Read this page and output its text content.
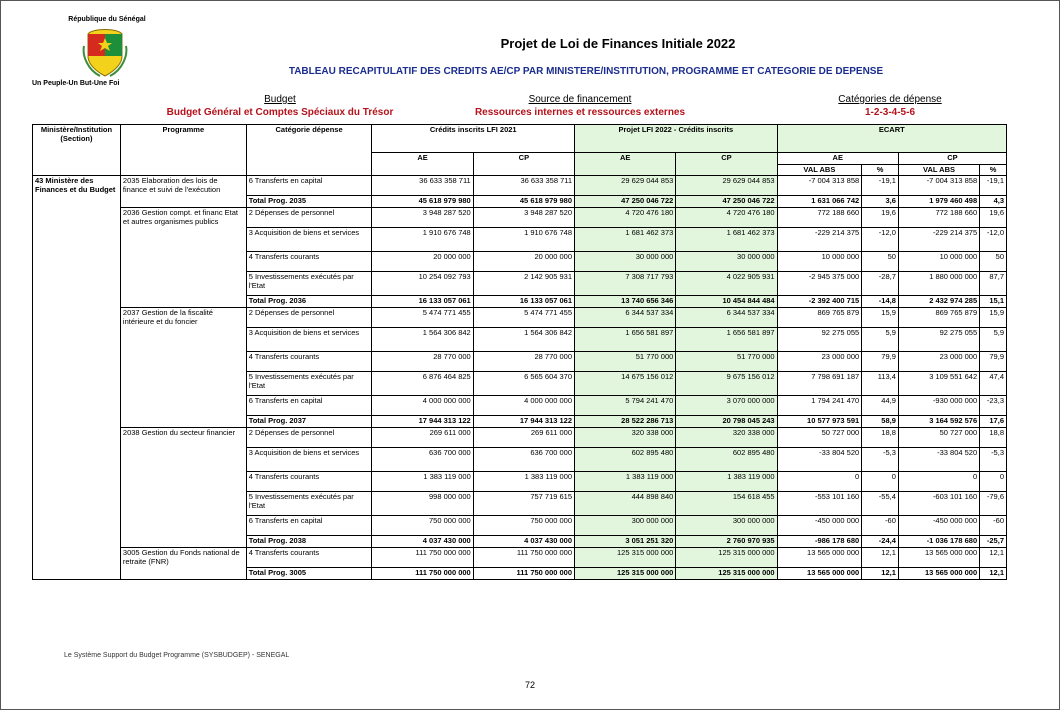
République du Sénégal
Un Peuple-Un But-Une Foi
Projet de Loi de Finances Initiale 2022
TABLEAU RECAPITULATIF DES CREDITS AE/CP PAR MINISTERE/INSTITUTION, PROGRAMME ET CATEGORIE DE DEPENSE
Budget
Budget Général et Comptes Spéciaux du Trésor
Source de financement
Ressources internes et ressources externes
Catégories de dépense
1-2-3-4-5-6
Ministère/Institution (Section)	Programme	Catégorie dépense	Crédits inscrits LFI 2021		Projet LFI 2022 - Crédits inscrits		ECART			
			AE	CP	AE	CP	AE		CP	
							VAL ABS	%	VAL ABS	%
43 Ministère des Finances et du Budget	2035 Elaboration des lois de finance et suivi de l'exécution	6 Transferts en capital	36 633 358 711	36 633 358 711	29 629 044 853	29 629 044 853	-7 004 313 858	-19,1	-7 004 313 858	-19,1
		Total Prog. 2035	45 618 979 980	45 618 979 980	47 250 046 722	47 250 046 722	1 631 066 742	3,6	1 979 460 498	4,3
	2036 Gestion compt. et financ Etat et autres organismes publics	2 Dépenses de personnel	3 948 287 520	3 948 287 520	4 720 476 180	4 720 476 180	772 188 660	19,6	772 188 660	19,6
		3 Acquisition de biens et services	1 910 676 748	1 910 676 748	1 681 462 373	1 681 462 373	-229 214 375	-12,0	-229 214 375	-12,0
		4 Transferts courants	20 000 000	20 000 000	30 000 000	30 000 000	10 000 000	50	10 000 000	50
		5 Investissements exécutés par l'Etat	10 254 092 793	2 142 905 931	7 308 717 793	4 022 905 931	-2 945 375 000	-28,7	1 880 000 000	87,7
		Total Prog. 2036	16 133 057 061	16 133 057 061	13 740 656 346	10 454 844 484	-2 392 400 715	-14,8	2 432 974 285	15,1
	2037 Gestion de la fiscalité intérieure et du foncier	2 Dépenses de personnel	5 474 771 455	5 474 771 455	6 344 537 334	6 344 537 334	869 765 879	15,9	869 765 879	15,9
		3 Acquisition de biens et services	1 564 306 842	1 564 306 842	1 656 581 897	1 656 581 897	92 275 055	5,9	92 275 055	5,9
		4 Transferts courants	28 770 000	28 770 000	51 770 000	51 770 000	23 000 000	79,9	23 000 000	79,9
		5 Investissements exécutés par l'Etat	6 876 464 825	6 565 604 370	14 675 156 012	9 675 156 012	7 798 691 187	113,4	3 109 551 642	47,4
		6 Transferts en capital	4 000 000 000	4 000 000 000	5 794 241 470	3 070 000 000	1 794 241 470	44,9	-930 000 000	-23,3
		Total Prog. 2037	17 944 313 122	17 944 313 122	28 522 286 713	20 798 045 243	10 577 973 591	58,9	3 164 592 576	17,6
	2038 Gestion du secteur financier	2 Dépenses de personnel	269 611 000	269 611 000	320 338 000	320 338 000	50 727 000	18,8	50 727 000	18,8
		3 Acquisition de biens et services	636 700 000	636 700 000	602 895 480	602 895 480	-33 804 520	-5,3	-33 804 520	-5,3
		4 Transferts courants	1 383 119 000	1 383 119 000	1 383 119 000	1 383 119 000	0	0	0	0
		5 Investissements exécutés par l'Etat	998 000 000	757 719 615	444 898 840	154 618 455	-553 101 160	-55,4	-603 101 160	-79,6
		6 Transferts en capital	750 000 000	750 000 000	300 000 000	300 000 000	-450 000 000	-60	-450 000 000	-60
		Total Prog. 2038	4 037 430 000	4 037 430 000	3 051 251 320	2 760 970 935	-986 178 680	-24,4	-1 036 178 680	-25,7
	3005 Gestion du Fonds national de retraite (FNR)	4 Transferts courants	111 750 000 000	111 750 000 000	125 315 000 000	125 315 000 000	13 565 000 000	12,1	13 565 000 000	12,1
		Total Prog. 3005	111 750 000 000	111 750 000 000	125 315 000 000	125 315 000 000	13 565 000 000	12,1	13 565 000 000	12,1
Le Système Support du Budget Programme (SYSBUDGEP) - SENEGAL
72
